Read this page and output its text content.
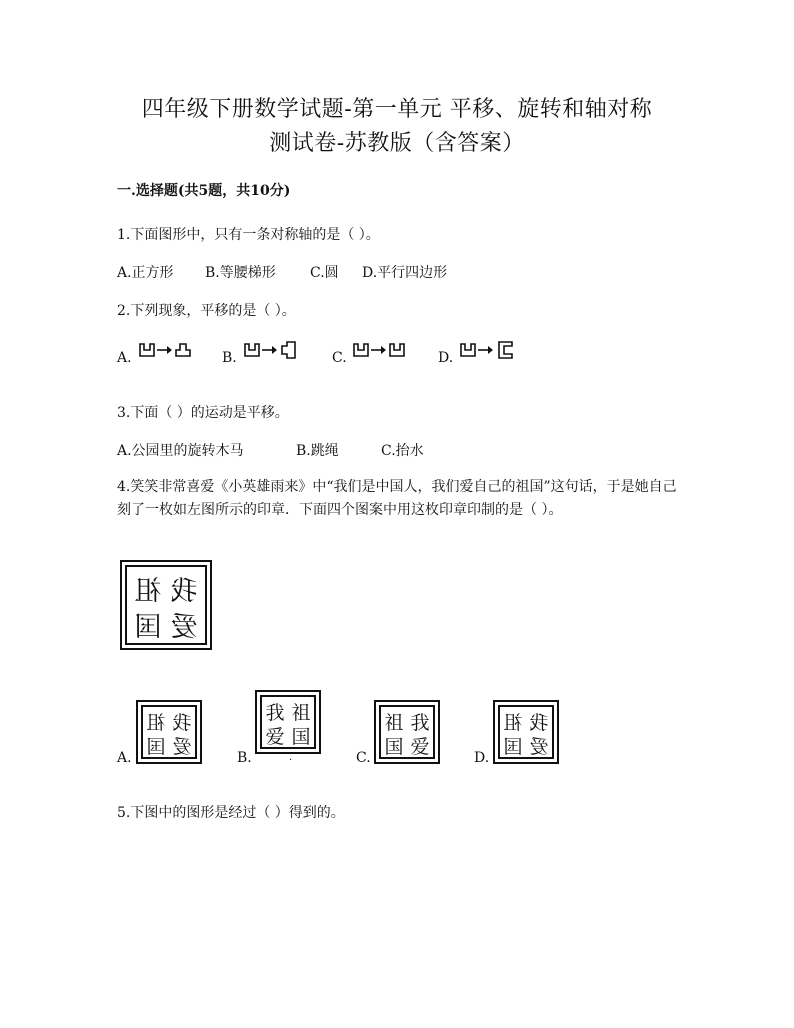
四年级下册数学试题-第一单元 平移、旋转和轴对称
测试卷-苏教版（含答案）
一.选择题(共5题，共10分)
1.下面图形中，只有一条对称轴的是（ ）。
A.正方形 B.等腰梯形 C.圆 D.平行四边形
2.下列现象，平移的是（ ）。
A.	B.	C.	D.
3.下面（ ）的运动是平移。
A.公园里的旋转木马	B.跳绳	C.抬水
4.笑笑非常喜爱《小英雄雨来》中“我们是中国人，我们爱自己的祖国”这句话，于是她自己刻了一枚如左图所示的印章．下面四个图案中用这枚印章印制的是（ ）。
我
祖
爱
国
A.
我
祖
爱
国	B.
我 祖
爱 国
.	C.
祖 我
国 爱	D.
我
祖
爱
国
5.下图中的图形是经过（ ）得到的。
